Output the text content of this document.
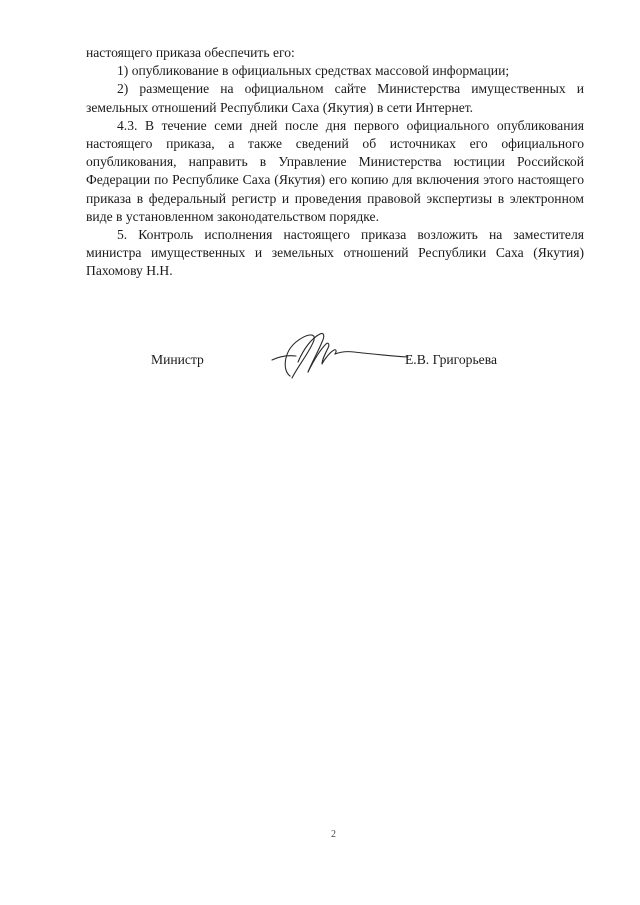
настоящего приказа обеспечить его:

1) опубликование в официальных средствах массовой информации;

2) размещение на официальном сайте Министерства имущественных и земельных отношений Республики Саха (Якутия) в сети Интернет.

4.3. В течение семи дней после дня первого официального опубликования настоящего приказа, а также сведений об источниках его официального опубликования, направить в Управление Министерства юстиции Российской Федерации по Республике Саха (Якутия) его копию для включения этого настоящего приказа в федеральный регистр и проведения правовой экспертизы в электронном виде в установленном законодательством порядке.

5. Контроль исполнения настоящего приказа возложить на заместителя министра имущественных и земельных отношений Республики Саха (Якутия) Пахомову Н.Н.

Министр	Е.В. Григорьева
2
